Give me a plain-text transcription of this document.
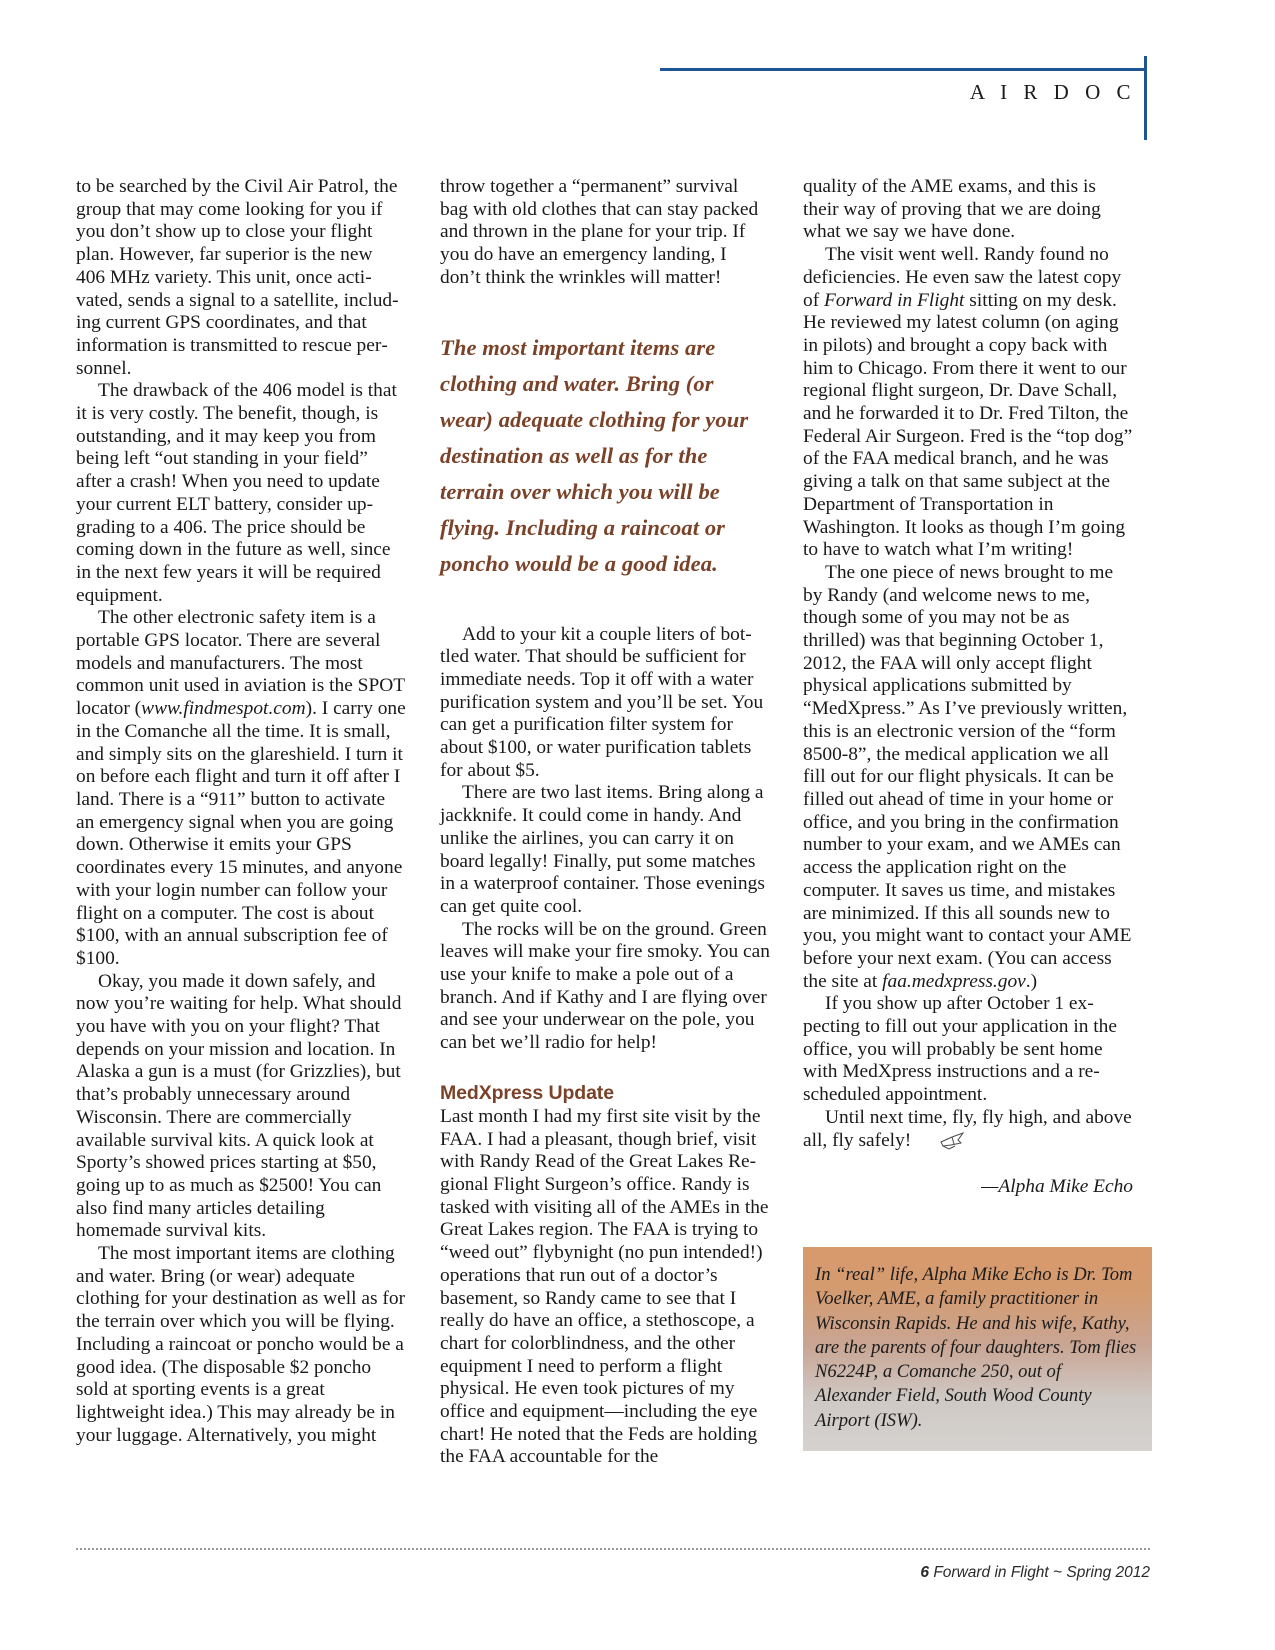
A I R D O C

to be searched by the Civil Air Patrol, the group that may come looking for you if you don’t show up to close your flight plan. However, far superior is the new 406 MHz variety. This unit, once activated, sends a signal to a satellite, including current GPS coordinates, and that information is transmitted to rescue personnel.

The drawback of the 406 model is that it is very costly. The benefit, though, is outstanding, and it may keep you from being left “out standing in your field” after a crash! When you need to update your current ELT battery, consider upgrading to a 406. The price should be coming down in the future as well, since in the next few years it will be required equipment.

The other electronic safety item is a portable GPS locator. There are several models and manufacturers. The most common unit used in aviation is the SPOT locator (www.findmespot.com). I carry one in the Comanche all the time. It is small, and simply sits on the glareshield. I turn it on before each flight and turn it off after I land. There is a “911” button to activate an emergency signal when you are going down. Otherwise it emits your GPS coordinates every 15 minutes, and anyone with your login number can follow your flight on a computer. The cost is about $100, with an annual subscription fee of $100.

Okay, you made it down safely, and now you’re waiting for help. What should you have with you on your flight? That depends on your mission and location. In Alaska a gun is a must (for Grizzlies), but that’s probably unnecessary around Wisconsin. There are commercially available survival kits. A quick look at Sporty’s showed prices starting at $50, going up to as much as $2500! You can also find many articles detailing homemade survival kits.

The most important items are clothing and water. Bring (or wear) adequate clothing for your destination as well as for the terrain over which you will be flying. Including a raincoat or poncho would be a good idea. (The disposable $2 poncho sold at sporting events is a great lightweight idea.) This may already be in your luggage. Alternatively, you might

throw together a “permanent” survival bag with old clothes that can stay packed and thrown in the plane for your trip. If you do have an emergency landing, I don’t think the wrinkles will matter!

The most important items are clothing and water. Bring (or wear) adequate clothing for your destination as well as for the terrain over which you will be flying. Including a raincoat or poncho would be a good idea.

Add to your kit a couple liters of bottled water. That should be sufficient for immediate needs. Top it off with a water purification system and you’ll be set. You can get a purification filter system for about $100, or water purification tablets for about $5.

There are two last items. Bring along a jackknife. It could come in handy. And unlike the airlines, you can carry it on board legally! Finally, put some matches in a waterproof container. Those evenings can get quite cool.

The rocks will be on the ground. Green leaves will make your fire smoky. You can use your knife to make a pole out of a branch. And if Kathy and I are flying over and see your underwear on the pole, you can bet we’ll radio for help!

MedXpress Update

Last month I had my first site visit by the FAA. I had a pleasant, though brief, visit with Randy Read of the Great Lakes Regional Flight Surgeon’s office. Randy is tasked with visiting all of the AMEs in the Great Lakes region. The FAA is trying to “weed out” flybynight (no pun intended!) operations that run out of a doctor’s basement, so Randy came to see that I really do have an office, a stethoscope, a chart for colorblindness, and the other equipment I need to perform a flight physical. He even took pictures of my office and equipment—including the eye chart! He noted that the Feds are holding the FAA accountable for the

quality of the AME exams, and this is their way of proving that we are doing what we say we have done.

The visit went well. Randy found no deficiencies. He even saw the latest copy of Forward in Flight sitting on my desk. He reviewed my latest column (on aging in pilots) and brought a copy back with him to Chicago. From there it went to our regional flight surgeon, Dr. Dave Schall, and he forwarded it to Dr. Fred Tilton, the Federal Air Surgeon. Fred is the “top dog” of the FAA medical branch, and he was giving a talk on that same subject at the Department of Transportation in Washington. It looks as though I’m going to have to watch what I’m writing!

The one piece of news brought to me by Randy (and welcome news to me, though some of you may not be as thrilled) was that beginning October 1, 2012, the FAA will only accept flight physical applications submitted by “MedXpress.” As I’ve previously written, this is an electronic version of the “form 8500-8”, the medical application we all fill out for our flight physicals. It can be filled out ahead of time in your home or office, and you bring in the confirmation number to your exam, and we AMEs can access the application right on the computer. It saves us time, and mistakes are minimized. If this all sounds new to you, you might want to contact your AME before your next exam. (You can access the site at faa.medxpress.gov.)

If you show up after October 1 expecting to fill out your application in the office, you will probably be sent home with MedXpress instructions and a rescheduled appointment.

Until next time, fly, fly high, and above all, fly safely!

—Alpha Mike Echo
In “real” life, Alpha Mike Echo is Dr. Tom Voelker, AME, a family practitioner in Wisconsin Rapids. He and his wife, Kathy, are the parents of four daughters. Tom flies N6224P, a Comanche 250, out of Alexander Field, South Wood County Airport (ISW).
6 Forward in Flight ~ Spring 2012
